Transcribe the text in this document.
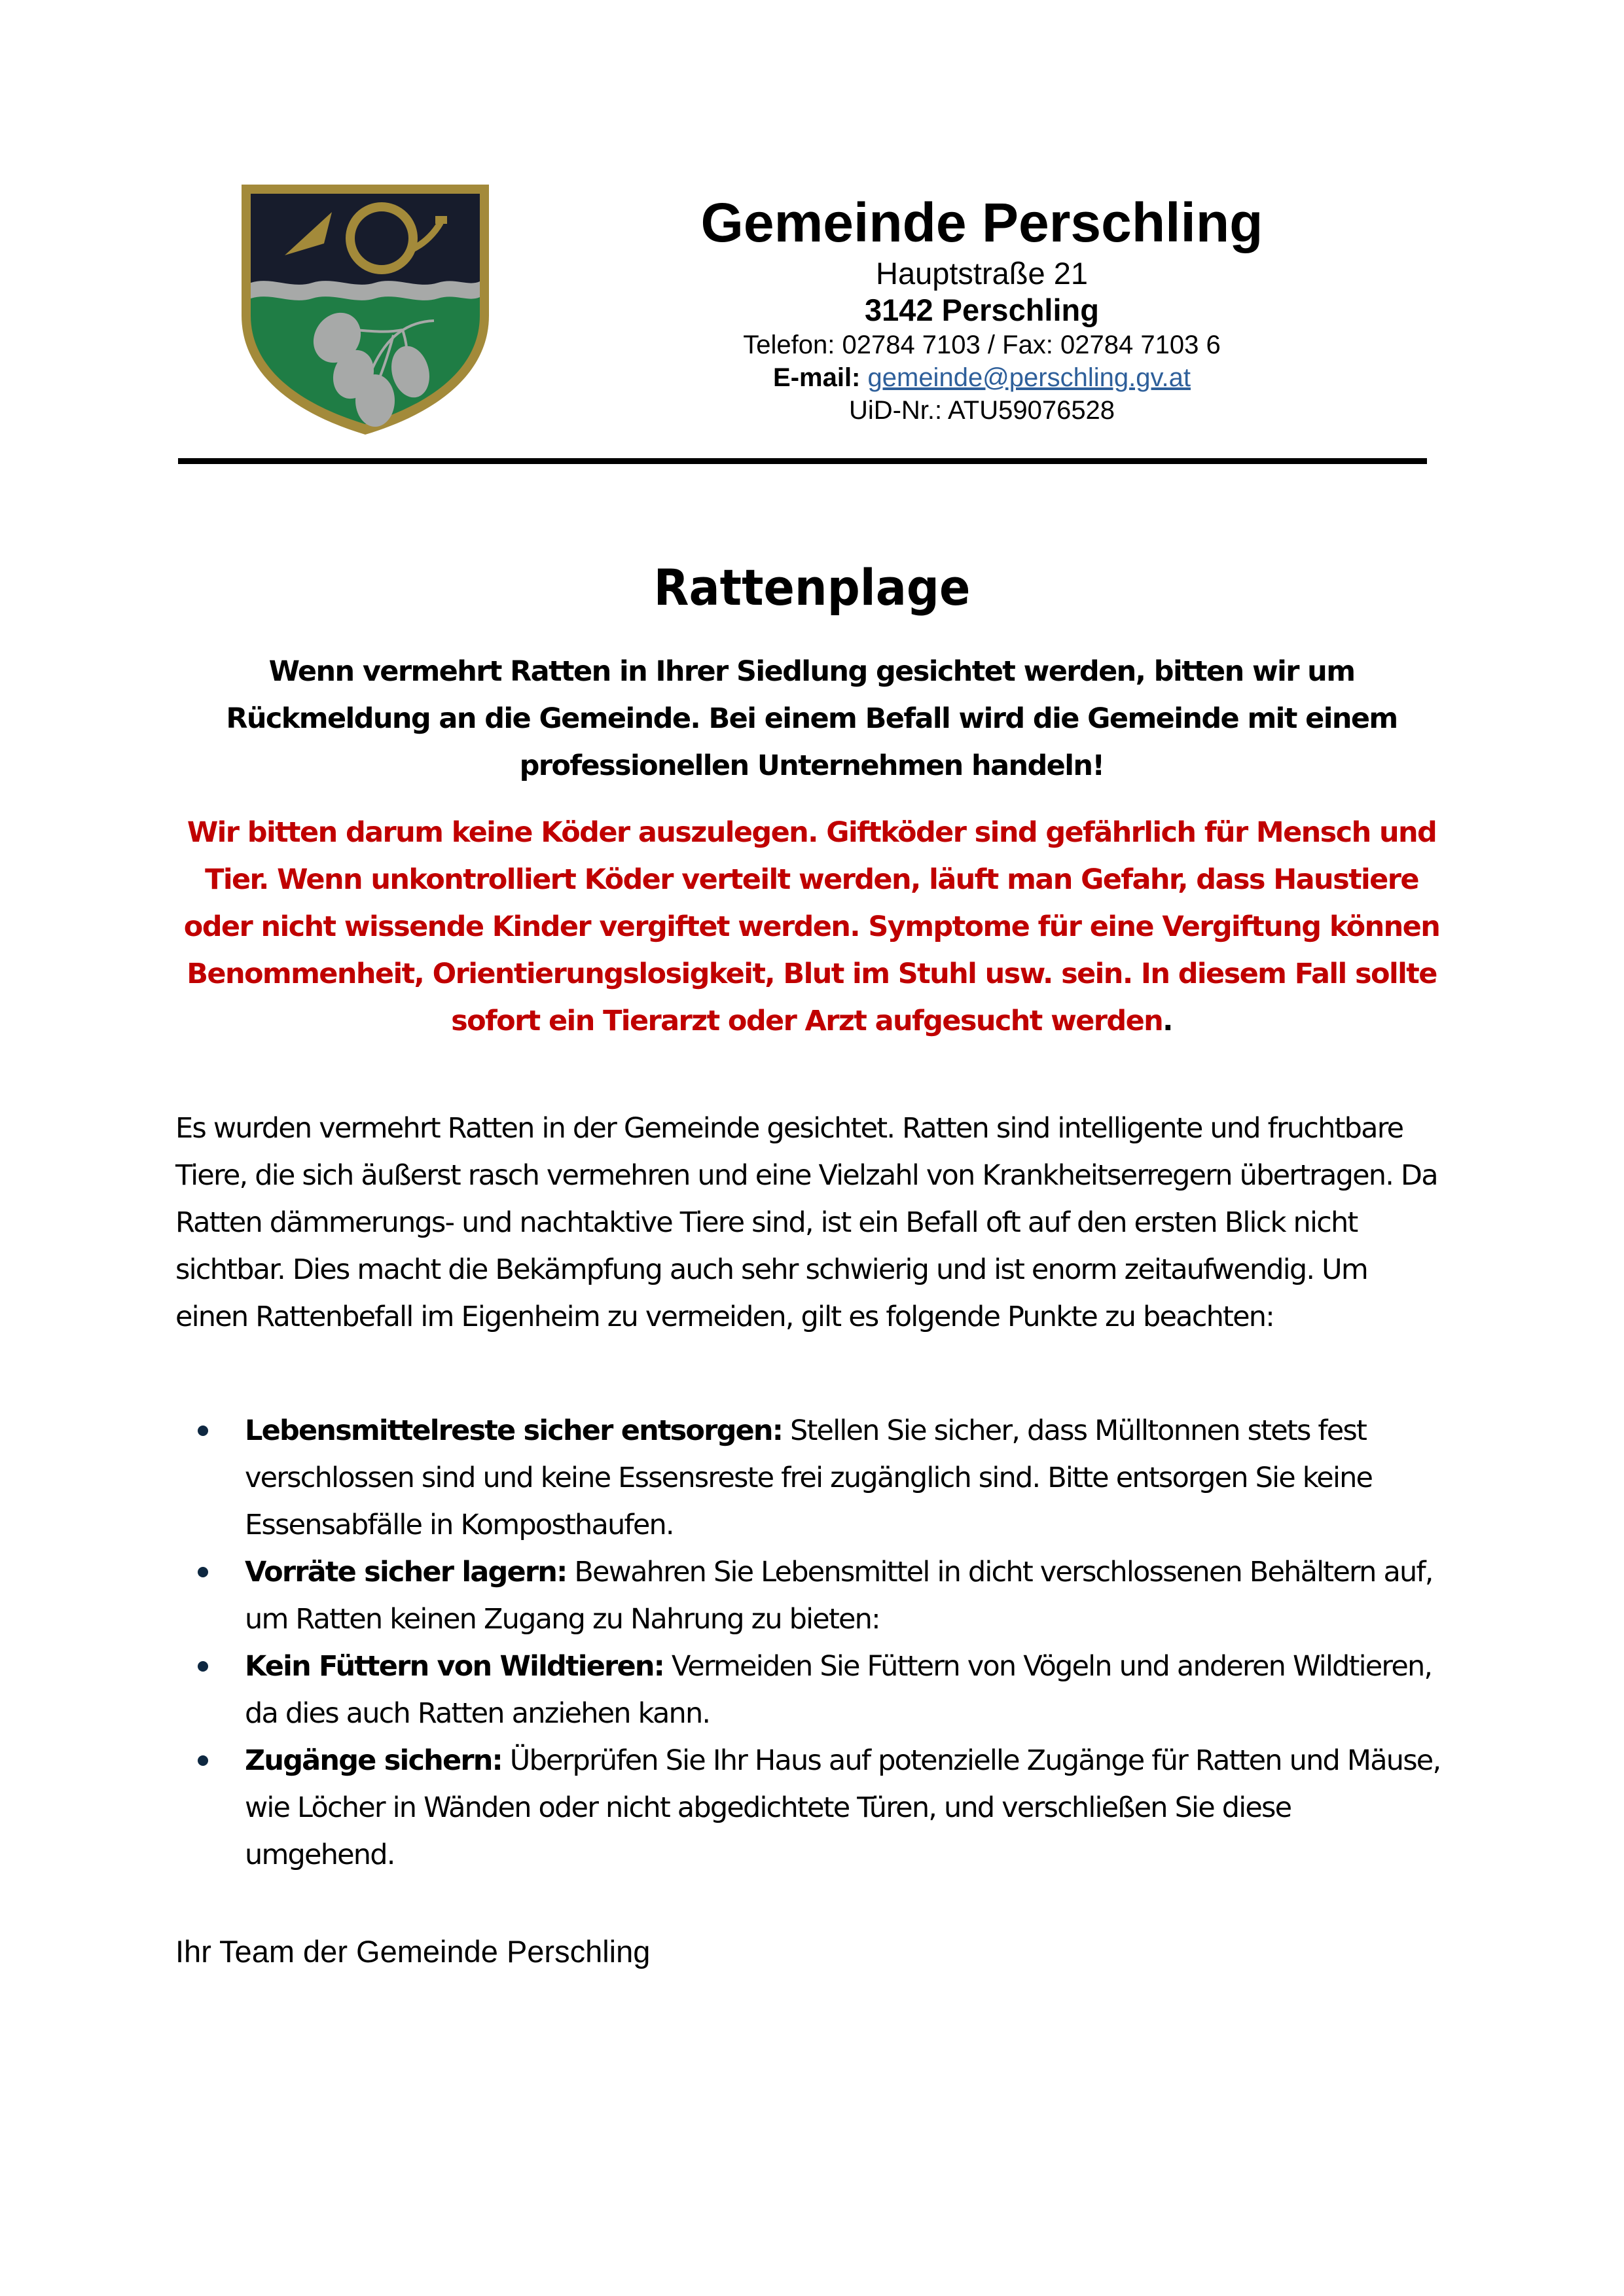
Gemeinde Perschling
Hauptstraße 21
3142 Perschling
Telefon: 02784 7103 / Fax: 02784 7103 6
E-mail: gemeinde@perschling.gv.at
UiD-Nr.: ATU59076528
Rattenplage

Wenn vermehrt Ratten in Ihrer Siedlung gesichtet werden, bitten wir um Rückmeldung an die Gemeinde. Bei einem Befall wird die Gemeinde mit einem professionellen Unternehmen handeln!

Wir bitten darum keine Köder auszulegen. Giftköder sind gefährlich für Mensch und Tier. Wenn unkontrolliert Köder verteilt werden, läuft man Gefahr, dass Haustiere oder nicht wissende Kinder vergiftet werden. Symptome für eine Vergiftung können Benommenheit, Orientierungslosigkeit, Blut im Stuhl usw. sein. In diesem Fall sollte sofort ein Tierarzt oder Arzt aufgesucht werden.

Es wurden vermehrt Ratten in der Gemeinde gesichtet. Ratten sind intelligente und fruchtbare Tiere, die sich äußerst rasch vermehren und eine Vielzahl von Krankheitserregern übertragen. Da Ratten dämmerungs- und nachtaktive Tiere sind, ist ein Befall oft auf den ersten Blick nicht sichtbar. Dies macht die Bekämpfung auch sehr schwierig und ist enorm zeitaufwendig. Um einen Rattenbefall im Eigenheim zu vermeiden, gilt es folgende Punkte zu beachten:

Lebensmittelreste sicher entsorgen: Stellen Sie sicher, dass Mülltonnen stets fest verschlossen sind und keine Essensreste frei zugänglich sind. Bitte entsorgen Sie keine Essensabfälle in Komposthaufen.
Vorräte sicher lagern: Bewahren Sie Lebensmittel in dicht verschlossenen Behältern auf, um Ratten keinen Zugang zu Nahrung zu bieten:
Kein Füttern von Wildtieren: Vermeiden Sie Füttern von Vögeln und anderen Wildtieren, da dies auch Ratten anziehen kann.
Zugänge sichern: Überprüfen Sie Ihr Haus auf potenzielle Zugänge für Ratten und Mäuse, wie Löcher in Wänden oder nicht abgedichtete Türen, und verschließen Sie diese umgehend.

Ihr Team der Gemeinde Perschling
